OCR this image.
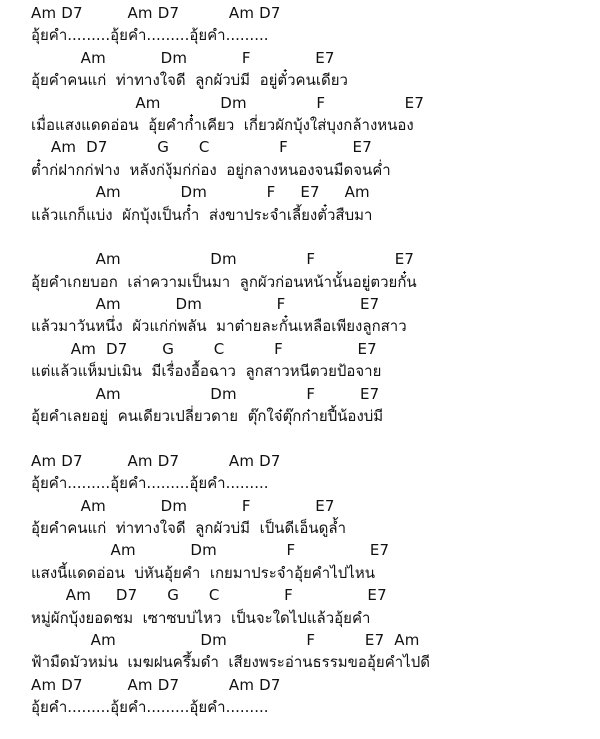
Am D7         Am D7          Am D7
อุ้ยคำ.........อุ้ยคำ.........อุ้ยคำ.........
Am           Dm           F             E7
อุ้ยคำคนแก่  ท่าทางใจดี  ลูกผัวบ่มี  อยู่ตั๋วคนเดียว
Am            Dm              F                E7
เมื่อแสงแดดอ่อน  อุ้ยคำก๋ำเคียว  เกี่ยวผักบุ้งใส่บุงกล้างหนอง
Am  D7          G      C              F             E7
ต๋ำก่ฝากก่ฟาง  หลังก่งุ้มก่ก่อง  อยู่กลางหนองจนมืดจนค่ำ
Am            Dm            F     E7     Am
แล้วแกก็แบ่ง  ผักบุ้งเป็นก๋ำ  ส่งขาประจำเลี้ยงตั๋วสืบมา
Am                  Dm              F                E7
อุ้ยคำเกยบอก  เล่าความเป็นมา  ลูกผัวก่อนหน้านั้นอยู่ตวยกั๋น
Am           Dm               F               E7
แล้วมาวันหนึ่ง  ผัวแก่ก่พลัน  มาต๋ายละกั๋นเหลือเพียงลูกสาว
Am  D7       G        C          F               E7
แต่แล้วแห็มบ่เมิน  มีเรื่องอื้อฉาว  ลูกสาวหนีตวยป้อจาย
Am                  Dm              F         E7
อุ้ยคำเลยอยู่  คนเดียวเปลี่ยวดาย  ตุ๊กใจ๋ตุ๊กก๋ายปี้น้องบ่มี
Am D7         Am D7          Am D7
อุ้ยคำ.........อุ้ยคำ.........อุ้ยคำ.........
Am           Dm           F             E7
อุ้ยคำคนแก่  ท่าทางใจดี  ลูกผัวบ่มี  เป็นดีเอ็นดูล้ำ
Am           Dm              F               E7
แสงนี้แดดอ่อน  บ่หันอุ้ยคำ  เกยมาประจำอุ้ยคำไปไหน
Am     D7      G      C             F               E7
หมู่ผักบุ้งยอดชม  เซาซบบ่ไหว  เป็นจะใดไปแล้วอุ้ยคำ
Am                 Dm                F          E7  Am
ฟ้ามืดมัวหม่น  เมฆฝนครึ้มดำ  เสียงพระอ่านธรรมขออุ้ยคำไปดี
Am D7         Am D7          Am D7
อุ้ยคำ.........อุ้ยคำ.........อุ้ยคำ.........
